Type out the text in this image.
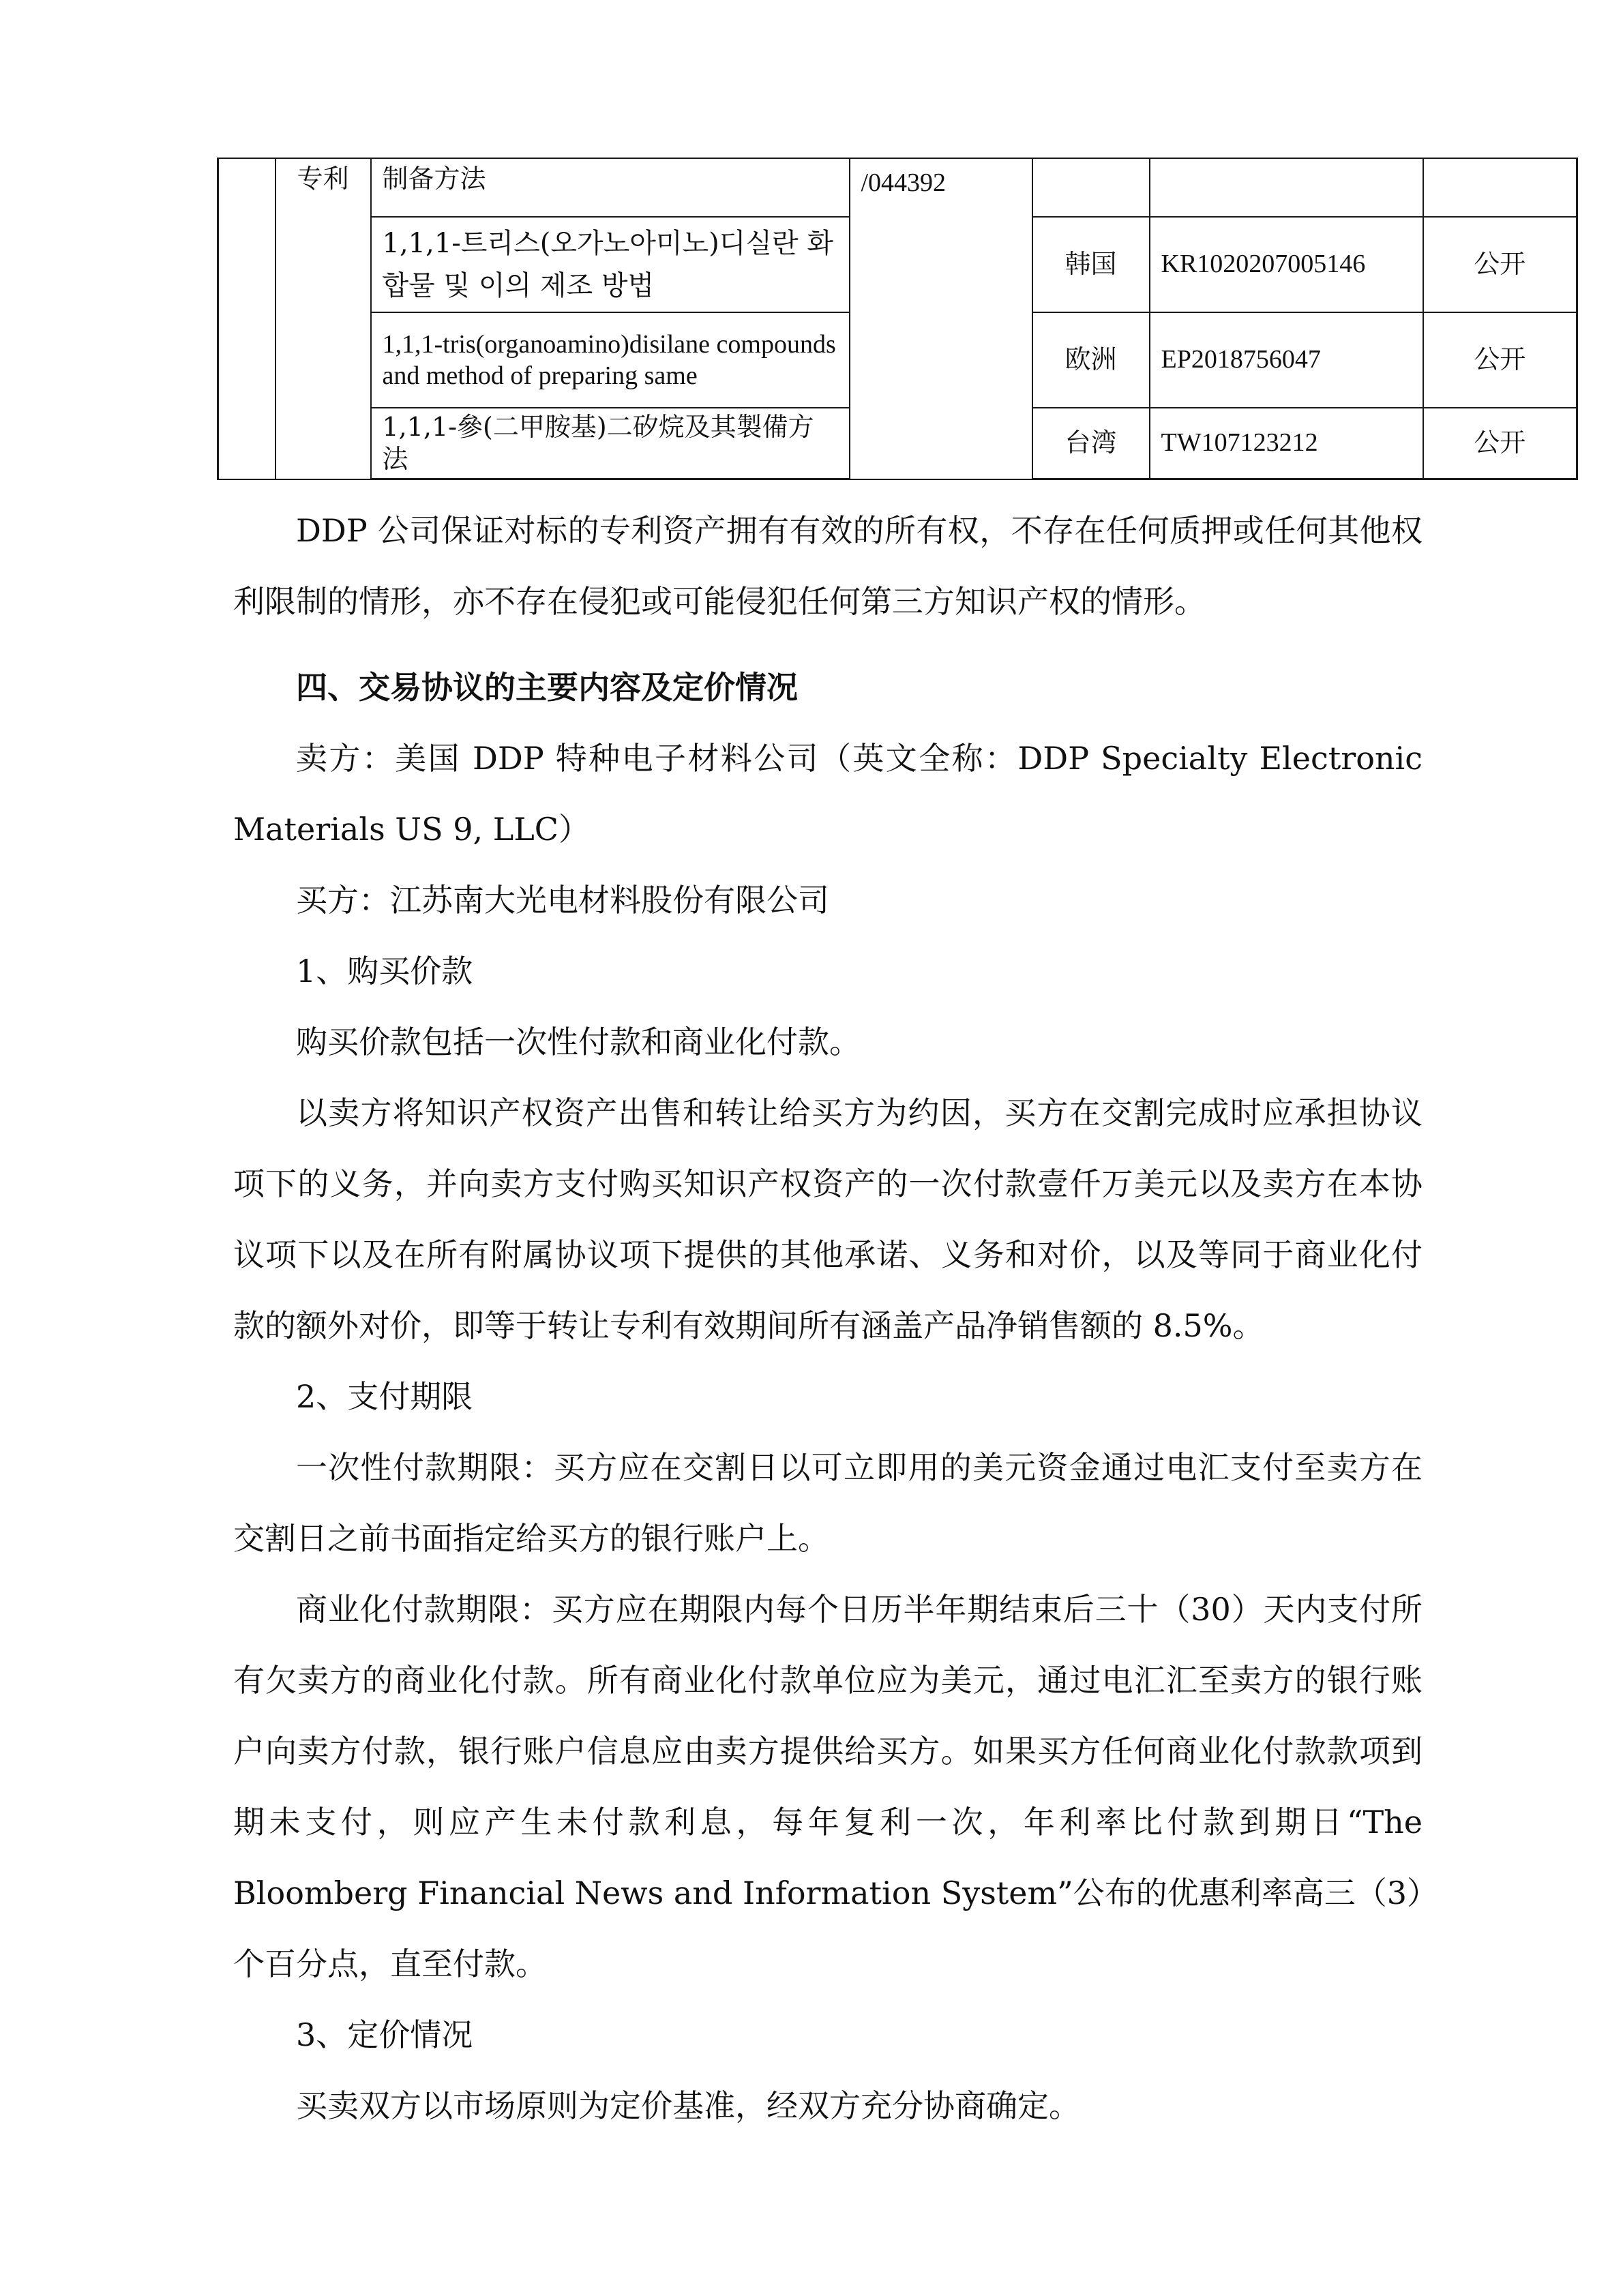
	专利	制备方法	/044392			
		1,1,1-트리스(오가노아미노)디실란 화합물 및 이의 제조 방법		韩国	KR1020207005146	公开
		1,1,1-tris(organoamino)disilane compounds and method of preparing same		欧洲	EP2018756047	公开
		1,1,1-參(二甲胺基)二矽烷及其製備方法		台湾	TW107123212	公开

DDP 公司保证对标的专利资产拥有有效的所有权，不存在任何质押或任何其他权利限制的情形，亦不存在侵犯或可能侵犯任何第三方知识产权的情形。

四、交易协议的主要内容及定价情况

卖方：美国 DDP 特种电子材料公司（英文全称：DDP Specialty Electronic Materials US 9, LLC）

买方：江苏南大光电材料股份有限公司

1、购买价款

购买价款包括一次性付款和商业化付款。

以卖方将知识产权资产出售和转让给买方为约因，买方在交割完成时应承担协议项下的义务，并向卖方支付购买知识产权资产的一次付款壹仟万美元以及卖方在本协议项下以及在所有附属协议项下提供的其他承诺、义务和对价，以及等同于商业化付款的额外对价，即等于转让专利有效期间所有涵盖产品净销售额的 8.5%。

2、支付期限

一次性付款期限：买方应在交割日以可立即用的美元资金通过电汇支付至卖方在交割日之前书面指定给买方的银行账户上。

商业化付款期限：买方应在期限内每个日历半年期结束后三十（30）天内支付所有欠卖方的商业化付款。所有商业化付款单位应为美元，通过电汇汇至卖方的银行账户向卖方付款，银行账户信息应由卖方提供给买方。如果买方任何商业化付款款项到期未支付，则应产生未付款利息，每年复利一次，年利率比付款到期日“The Bloomberg Financial News and Information System”公布的优惠利率高三（3）个百分点，直至付款。

3、定价情况

买卖双方以市场原则为定价基准，经双方充分协商确定。
